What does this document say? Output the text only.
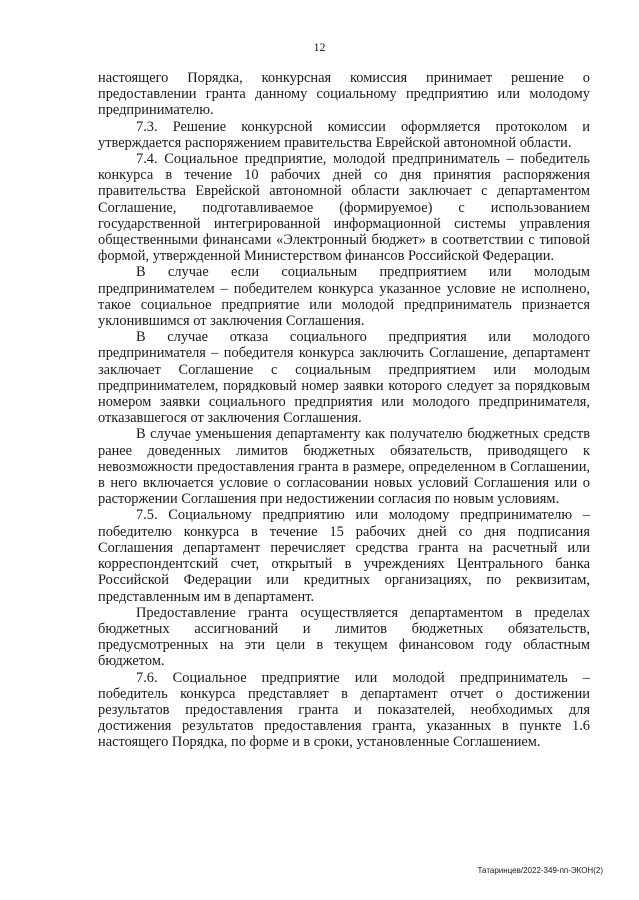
12

настоящего Порядка, конкурсная комиссия принимает решение о предоставлении гранта данному социальному предприятию или молодому предпринимателю.

7.3. Решение конкурсной комиссии оформляется протоколом и утверждается распоряжением правительства Еврейской автономной области.

7.4. Социальное предприятие, молодой предприниматель – победитель конкурса в течение 10 рабочих дней со дня принятия распоряжения правительства Еврейской автономной области заключает с департаментом Соглашение, подготавливаемое (формируемое) с использованием государственной интегрированной информационной системы управления общественными финансами «Электронный бюджет» в соответствии с типовой формой, утвержденной Министерством финансов Российской Федерации.

В случае если социальным предприятием или молодым предпринимателем – победителем конкурса указанное условие не исполнено, такое социальное предприятие или молодой предприниматель признается уклонившимся от заключения Соглашения.

В случае отказа социального предприятия или молодого предпринимателя – победителя конкурса заключить Соглашение, департамент заключает Соглашение с социальным предприятием или молодым предпринимателем, порядковый номер заявки которого следует за порядковым номером заявки социального предприятия или молодого предпринимателя, отказавшегося от заключения Соглашения.

В случае уменьшения департаменту как получателю бюджетных средств ранее доведенных лимитов бюджетных обязательств, приводящего к невозможности предоставления гранта в размере, определенном в Соглашении, в него включается условие о согласовании новых условий Соглашения или о расторжении Соглашения при недостижении согласия по новым условиям.

7.5. Социальному предприятию или молодому предпринимателю – победителю конкурса в течение 15 рабочих дней со дня подписания Соглашения департамент перечисляет средства гранта на расчетный или корреспондентский счет, открытый в учреждениях Центрального банка Российской Федерации или кредитных организациях, по реквизитам, представленным им в департамент.

Предоставление гранта осуществляется департаментом в пределах бюджетных ассигнований и лимитов бюджетных обязательств, предусмотренных на эти цели в текущем финансовом году областным бюджетом.

7.6. Социальное предприятие или молодой предприниматель – победитель конкурса представляет в департамент отчет о достижении результатов предоставления гранта и показателей, необходимых для достижения результатов предоставления гранта, указанных в пункте 1.6 настоящего Порядка, по форме и в сроки, установленные Соглашением.

Татаринцев/2022-349-пп-ЭКОН(2)
